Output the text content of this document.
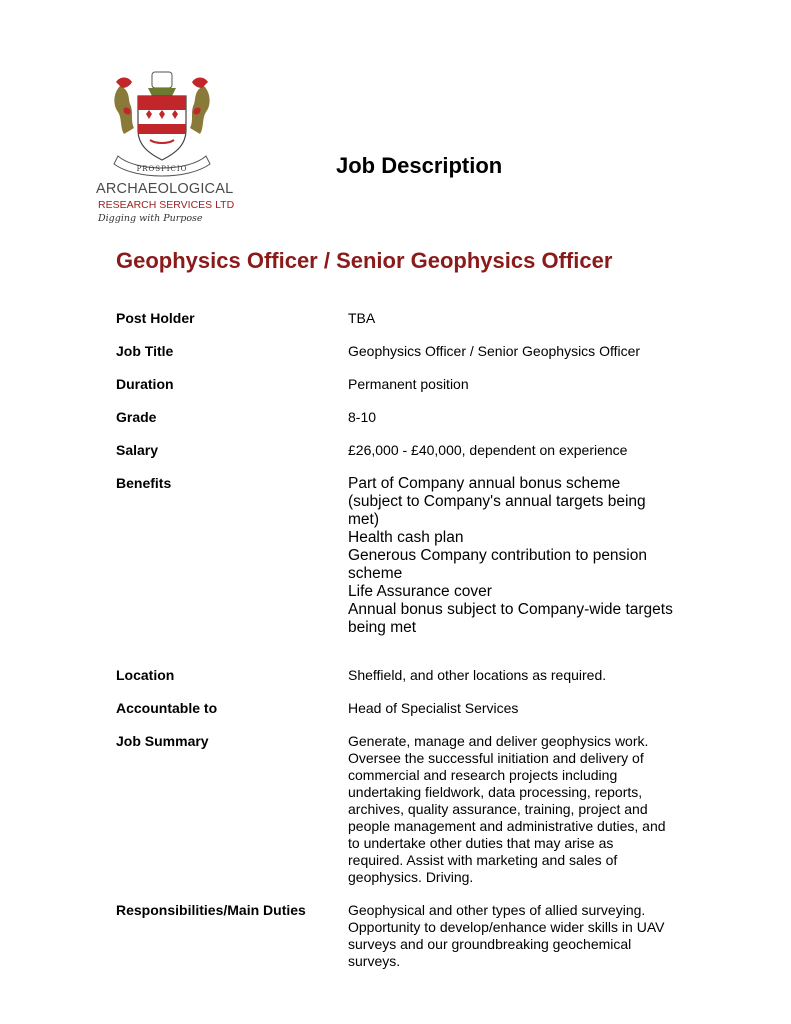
PROSPICIO
ARCHAEOLOGICAL
RESEARCH SERVICES LTD
Digging with Purpose
Job Description
Geophysics Officer / Senior Geophysics Officer
Post Holder	TBA
Job Title	Geophysics Officer / Senior Geophysics Officer
Duration	Permanent position
Grade	8-10
Salary	£26,000 - £40,000, dependent on experience
Benefits	Part of Company annual bonus scheme
(subject to Company's annual targets being
met)
Health cash plan
Generous Company contribution to pension
scheme
Life Assurance cover
Annual bonus subject to Company-wide targets
being met
Location	Sheffield, and other locations as required.
Accountable to	Head of Specialist Services
Job Summary	Generate, manage and deliver geophysics work.
Oversee the successful initiation and delivery of
commercial and research projects including
undertaking fieldwork, data processing, reports,
archives, quality assurance, training, project and
people management and administrative duties, and
to undertake other duties that may arise as
required. Assist with marketing and sales of
geophysics. Driving.
Responsibilities/Main Duties	Geophysical and other types of allied surveying.
Opportunity to develop/enhance wider skills in UAV
surveys and our groundbreaking geochemical
surveys.
